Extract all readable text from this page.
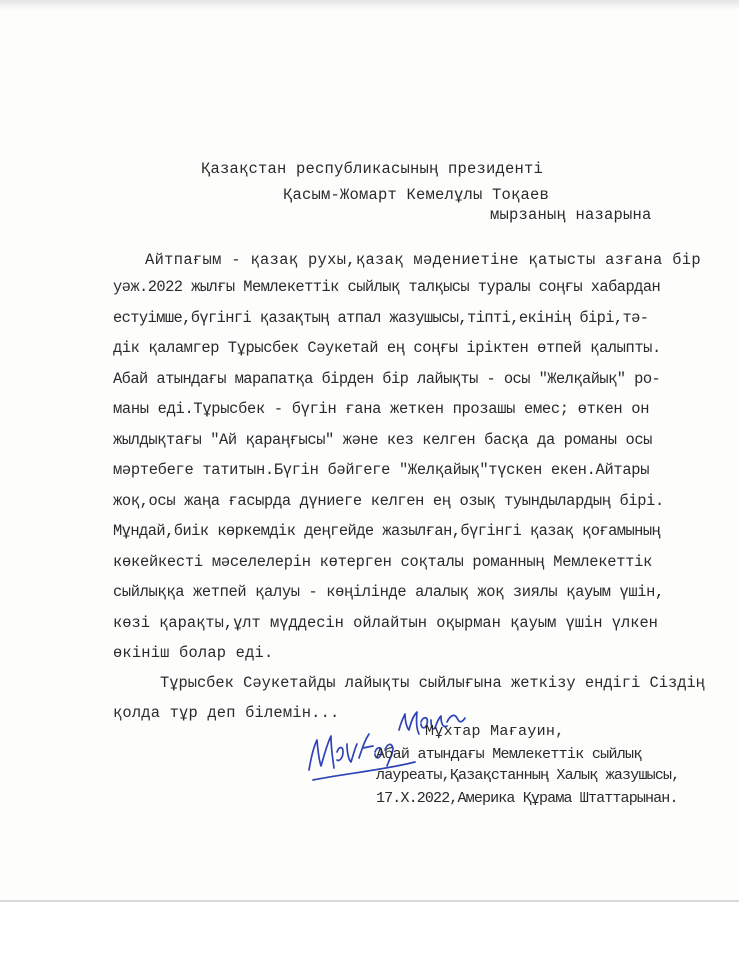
Қазақстан республикасының президенті
Қасым-Жомарт Кемелұлы Тоқаев
мырзаның назарына
Айтпағым - қазақ рухы,қазақ мәдениетіне қатысты азғана бір
уәж.2022 жылғы Мемлекеттік сыйлық талқысы туралы соңғы хабардан
естуімше,бүгінгі қазақтың атпал жазушысы,тіпті,екінің бірі,тә-
дік қаламгер Тұрысбек Сәукетай ең соңғы іріктен өтпей қалыпты.
Абай атындағы марапатқа бірден бір лайықты - осы "Желқайық" ро-
маны еді.Тұрысбек - бүгін ғана жеткен прозашы емес; өткен он
жылдықтағы "Ай қараңғысы" және кез келген басқа да романы осы
мәртебеге татитын.Бүгін бәйгеге "Желқайық"түскен екен.Айтары
жоқ,осы жаңа ғасырда дүниеге келген ең озық туындылардың бірі.
Мұндай,биік көркемдік деңгейде жазылған,бүгінгі қазақ қоғамының
көкейкесті мәселелерін көтерген соқталы романның Мемлекеттік
сыйлыққа жетпей қалуы - көңілінде алалық жоқ зиялы қауым үшін,
көзі қарақты,ұлт мүддесін ойлайтын оқырман қауым үшін үлкен
өкініш болар еді.
Тұрысбек Сәукетайды лайықты сыйлығына жеткізу ендігі Сіздің
қолда тұр деп білемін...
Мұхтар Мағауин,
Абай атындағы Мемлекеттік сыйлық
лауреаты,Қазақстанның Халық жазушысы,
17.X.2022,Америка Құрама Штаттарынан.
